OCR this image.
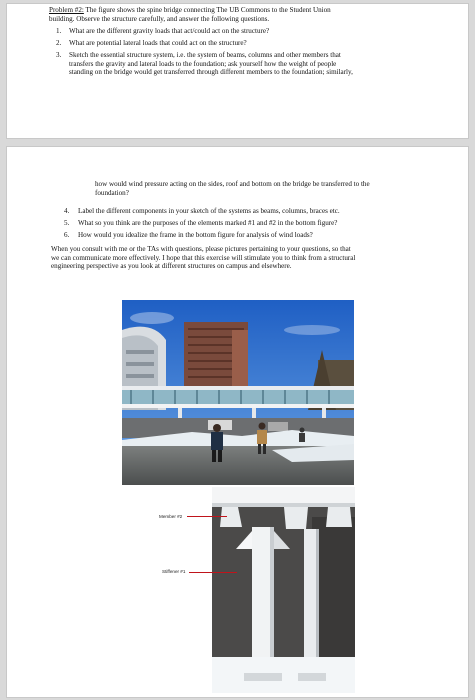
Problem #2: The figure shows the spine bridge connecting The UB Commons to the Student Union
building. Observe the structure carefully, and answer the following questions.
1. What are the different gravity loads that act/could act on the structure?
2. What are potential lateral loads that could act on the structure?
3. Sketch the essential structure system, i.e. the system of beams, columns and other members that
transfers the gravity and lateral loads to the foundation; ask yourself how the weight of people
standing on the bridge would get transferred through different members to the foundation; similarly,
how would wind pressure acting on the sides, roof and bottom on the bridge be transferred to the
foundation?
4. Label the different components in your sketch of the systems as beams, columns, braces etc.
5. What so you think are the purposes of the elements marked #1 and #2 in the bottom figure?
6. How would you idealize the frame in the bottom figure for analysis of wind loads?
When you consult with me or the TAs with questions, please pictures pertaining to your questions, so that
we can communicate more effectively. I hope that this exercise will stimulate you to think from a structural
engineering perspective as you look at different structures on campus and elsewhere.
Member #2
Stiffener #1
